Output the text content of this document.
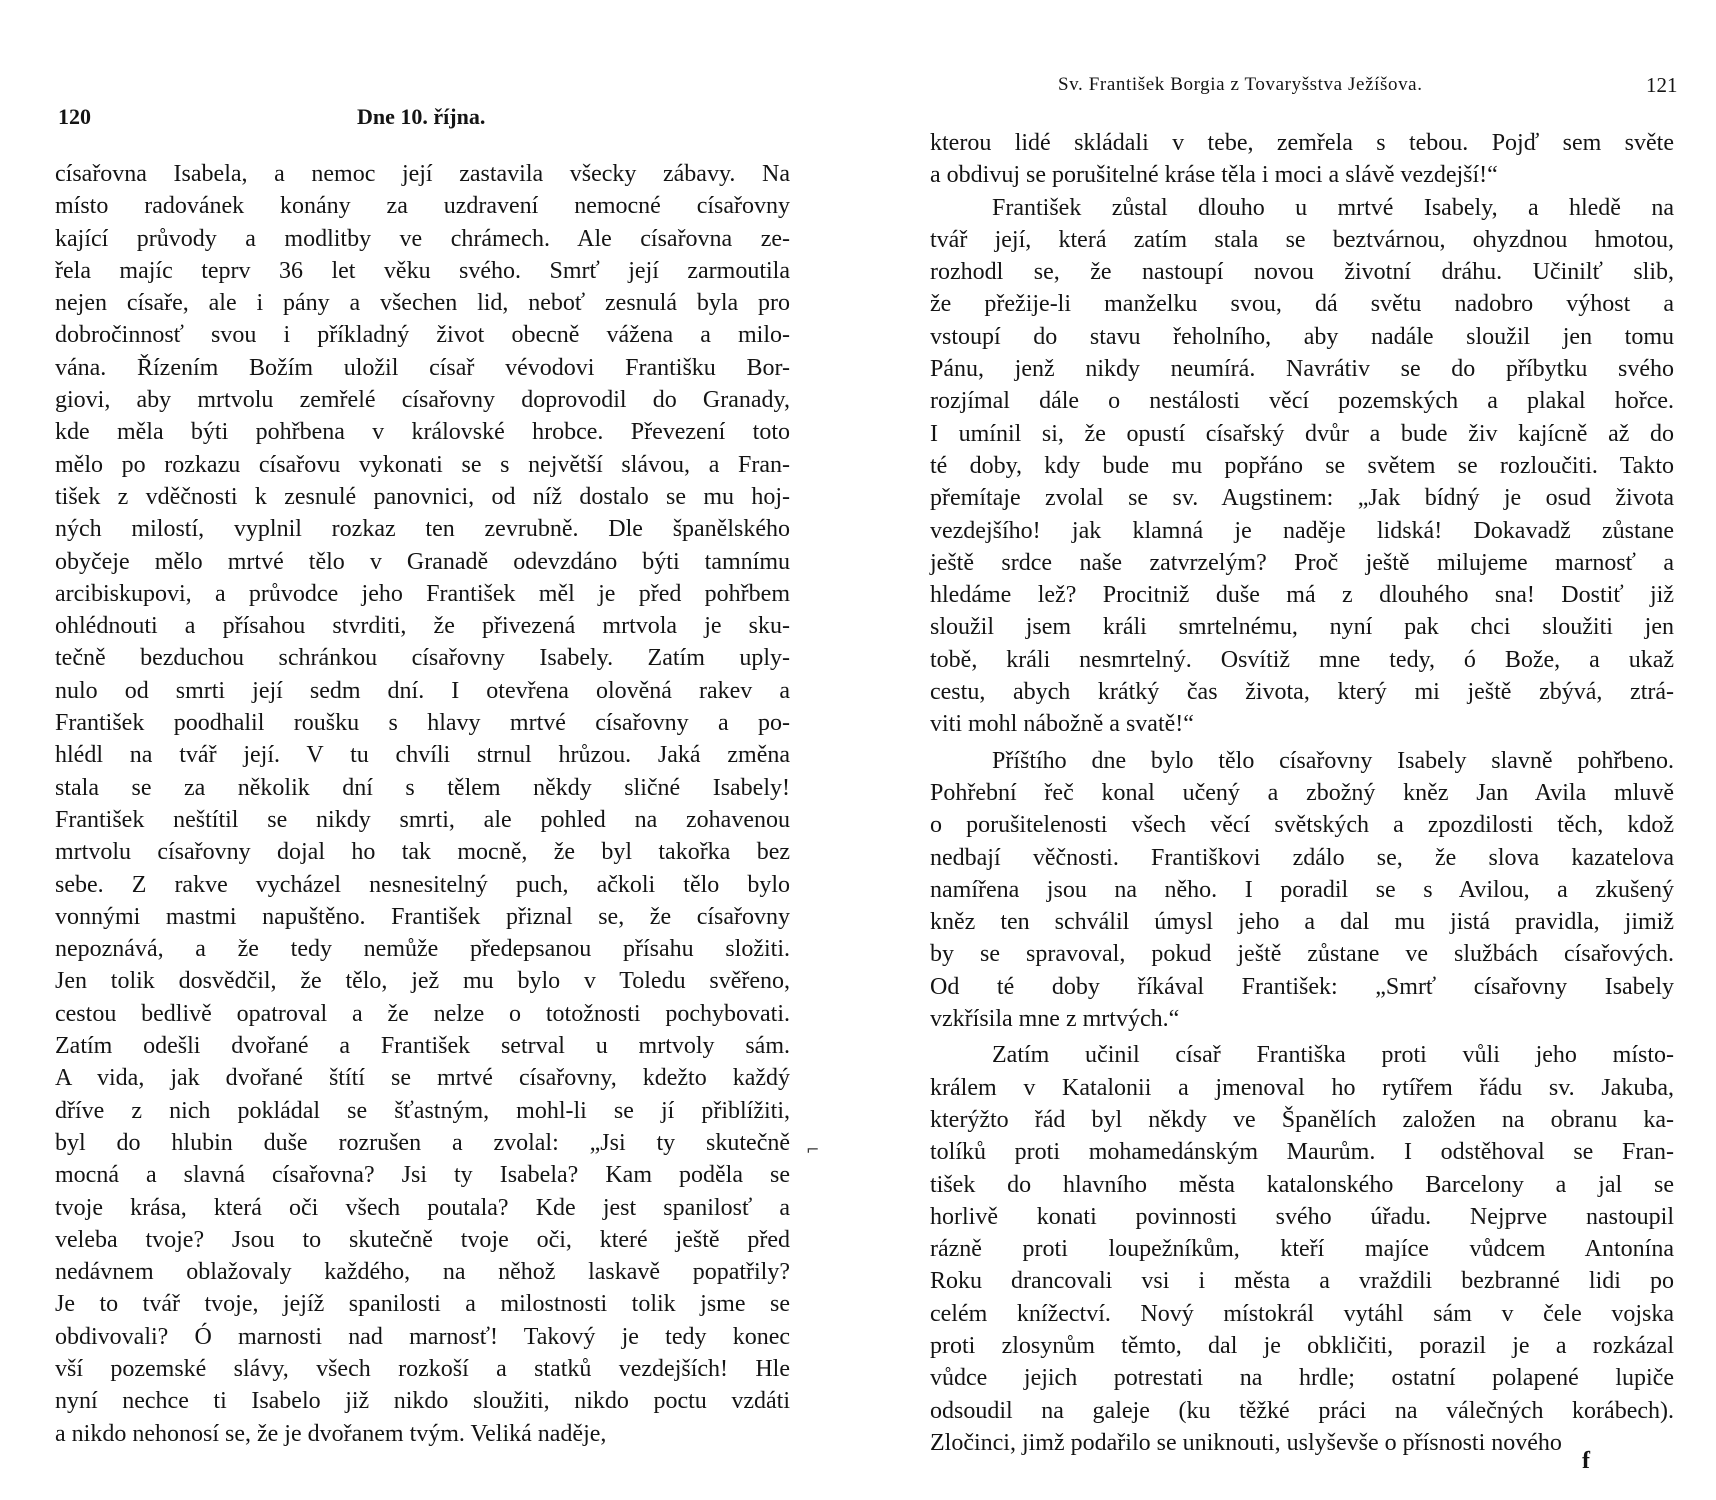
120	Dne 10. října.
císařovna Isabela, a nemoc její zastavila všecky zábavy. Na
místo radovánek konány za uzdravení nemocné císařovny
kající průvody a modlitby ve chrámech. Ale císařovna ze-
řela majíc teprv 36 let věku svého. Smrť její zarmoutila
nejen císaře, ale i pány a všechen lid, neboť zesnulá byla pro
dobročinnosť svou i příkladný život obecně vážena a milo-
vána. Řízením Božím uložil císař vévodovi Františku Bor-
giovi, aby mrtvolu zemřelé císařovny doprovodil do Granady,
kde měla býti pohřbena v královské hrobce. Převezení toto
mělo po rozkazu císařovu vykonati se s největší slávou, a Fran-
tišek z vděčnosti k zesnulé panovnici, od níž dostalo se mu hoj-
ných milostí, vyplnil rozkaz ten zevrubně. Dle španělského
obyčeje mělo mrtvé tělo v Granadě odevzdáno býti tamnímu
arcibiskupovi, a průvodce jeho František měl je před pohřbem
ohlédnouti a přísahou stvrditi, že přivezená mrtvola je sku-
tečně bezduchou schránkou císařovny Isabely. Zatím uply-
nulo od smrti její sedm dní. I otevřena olověná rakev a
František poodhalil roušku s hlavy mrtvé císařovny a po-
hlédl na tvář její. V tu chvíli strnul hrůzou. Jaká změna
stala se za několik dní s tělem někdy sličné Isabely!
František neštítil se nikdy smrti, ale pohled na zohavenou
mrtvolu císařovny dojal ho tak mocně, že byl takořka bez
sebe. Z rakve vycházel nesnesitelný puch, ačkoli tělo bylo
vonnými mastmi napuštěno. František přiznal se, že císařovny
nepoznává, a že tedy nemůže předepsanou přísahu složiti.
Jen tolik dosvědčil, že tělo, jež mu bylo v Toledu svěřeno,
cestou bedlivě opatroval a že nelze o totožnosti pochybovati.
Zatím odešli dvořané a František setrval u mrtvoly sám.
A vida, jak dvořané štítí se mrtvé císařovny, kdežto každý
dříve z nich pokládal se šťastným, mohl-li se jí přiblížiti,
byl do hlubin duše rozrušen a zvolal: „Jsi ty skutečně
mocná a slavná císařovna? Jsi ty Isabela? Kam poděla se
tvoje krása, která oči všech poutala? Kde jest spanilosť a
veleba tvoje? Jsou to skutečně tvoje oči, které ještě před
nedávnem oblažovaly každého, na něhož laskavě popatřily?
Je to tvář tvoje, jejíž spanilosti a milostnosti tolik jsme se
obdivovali? Ó marnosti nad marnosť! Takový je tedy konec
vší pozemské slávy, všech rozkoší a statků vezdejších! Hle
nyní nechce ti Isabelo již nikdo sloužiti, nikdo poctu vzdáti
a nikdo nehonosí se, že je dvořanem tvým. Veliká naděje,
⌐
Sv. František Borgia z Tovaryšstva Ježíšova.	121
kterou lidé skládali v tebe, zemřela s tebou. Pojď sem světe
a obdivuj se porušitelné kráse těla i moci a slávě vezdejší!“
František zůstal dlouho u mrtvé Isabely, a hledě na
tvář její, která zatím stala se beztvárnou, ohyzdnou hmotou,
rozhodl se, že nastoupí novou životní dráhu. Učinilť slib,
že přežije-li manželku svou, dá světu nadobro výhost a
vstoupí do stavu řeholního, aby nadále sloužil jen tomu
Pánu, jenž nikdy neumírá. Navrátiv se do příbytku svého
rozjímal dále o nestálosti věcí pozemských a plakal hořce.
I umínil si, že opustí císařský dvůr a bude živ kajícně až do
té doby, kdy bude mu popřáno se světem se rozloučiti. Takto
přemítaje zvolal se sv. Augstinem: „Jak bídný je osud života
vezdejšího! jak klamná je naděje lidská! Dokavadž zůstane
ještě srdce naše zatvrzelým? Proč ještě milujeme marnosť a
hledáme lež? Procitniž duše má z dlouhého sna! Dostiť již
sloužil jsem králi smrtelnému, nyní pak chci sloužiti jen
tobě, králi nesmrtelný. Osvítiž mne tedy, ó Bože, a ukaž
cestu, abych krátký čas života, který mi ještě zbývá, ztrá-
viti mohl nábožně a svatě!“
Příštího dne bylo tělo císařovny Isabely slavně pohřbeno.
Pohřební řeč konal učený a zbožný kněz Jan Avila mluvě
o porušitelenosti všech věcí světských a zpozdilosti těch, kdož
nedbají věčnosti. Františkovi zdálo se, že slova kazatelova
namířena jsou na něho. I poradil se s Avilou, a zkušený
kněz ten schválil úmysl jeho a dal mu jistá pravidla, jimiž
by se spravoval, pokud ještě zůstane ve službách císařových.
Od té doby říkával František: „Smrť císařovny Isabely
vzkřísila mne z mrtvých.“
Zatím učinil císař Františka proti vůli jeho místo-
králem v Katalonii a jmenoval ho rytířem řádu sv. Jakuba,
kterýžto řád byl někdy ve Španělích založen na obranu ka-
tolíků proti mohamedánským Maurům. I odstěhoval se Fran-
tišek do hlavního města katalonského Barcelony a jal se
horlivě konati povinnosti svého úřadu. Nejprve nastoupil
rázně proti loupežníkům, kteří majíce vůdcem Antonína
Roku drancovali vsi i města a vraždili bezbranné lidi po
celém knížectví. Nový místokrál vytáhl sám v čele vojska
proti zlosynům těmto, dal je obkličiti, porazil je a rozkázal
vůdce jejich potrestati na hrdle; ostatní polapené lupiče
odsoudil na galeje (ku těžké práci na válečných korábech).
Zločinci, jimž podařilo se uniknouti, uslyševše o přísnosti nového
f
